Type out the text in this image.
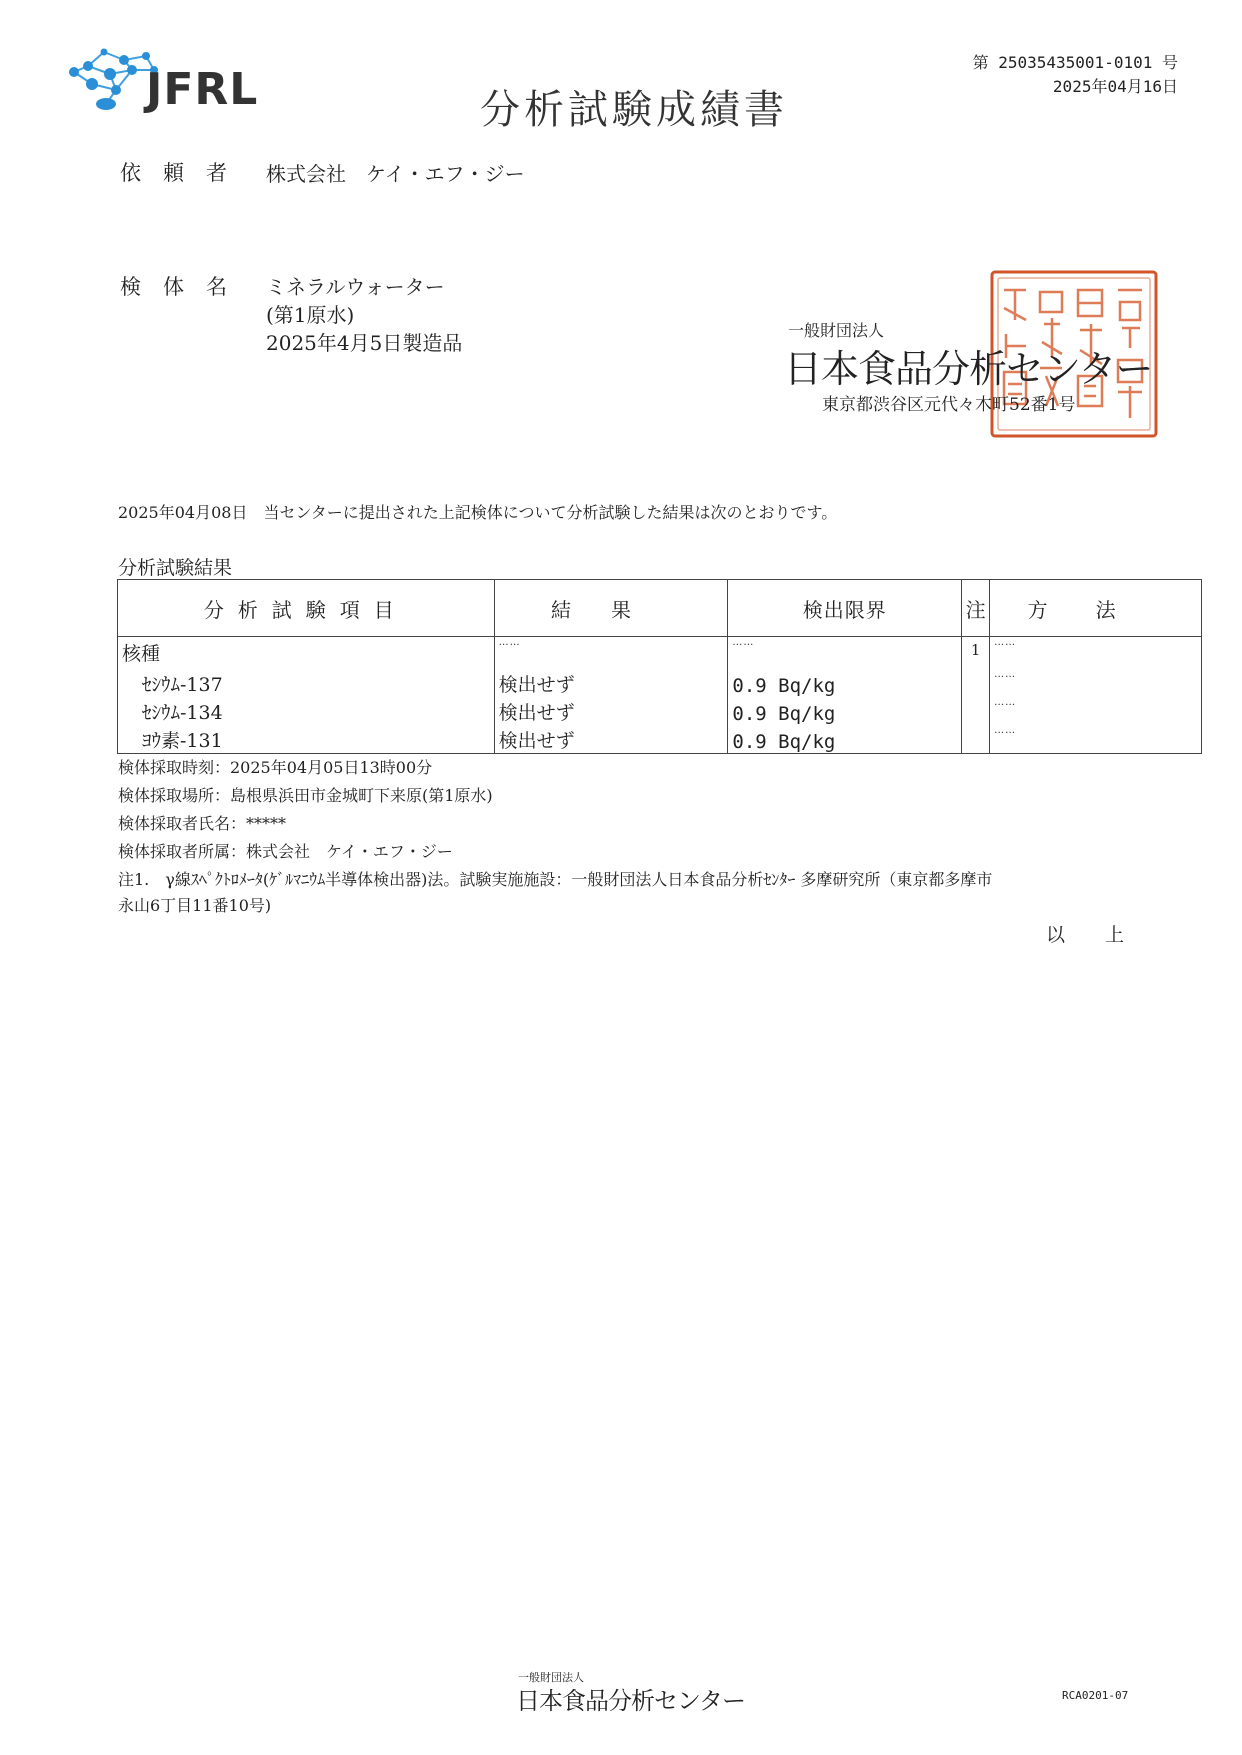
JFRL	分析試験成績書
第 25035435001-0101 号
2025年04月16日
依頼者 株式会社　ケイ・エフ・ジー
検体名 ミネラルウォーター
(第1原水)
2025年4月5日製造品
一般財団法人
日本食品分析センター
東京都渋谷区元代々木町52番1号
2025年04月08日　当センターに提出された上記検体について分析試験した結果は次のとおりです。
分析試験結果
分析試験項目	結果	検出限界	注	方法
核種	……	……	1	……
ｾｼｳﾑ-137	検出せず	0.9 Bq/kg		……
ｾｼｳﾑ-134	検出せず	0.9 Bq/kg		……
ﾖｳ素-131	検出せず	0.9 Bq/kg		……
検体採取時刻：2025年04月05日13時00分
検体採取場所：島根県浜田市金城町下来原(第1原水)
検体採取者氏名：*****
検体採取者所属：株式会社　ケイ・エフ・ジー
注1.　γ線ｽﾍﾟｸﾄﾛﾒｰﾀ(ｹﾞﾙﾏﾆｳﾑ半導体検出器)法。試験実施施設：一般財団法人日本食品分析ｾﾝﾀｰ 多摩研究所（東京都多摩市
永山6丁目11番10号)
以上
一般財団法人
日本食品分析センター	RCA0201-07
